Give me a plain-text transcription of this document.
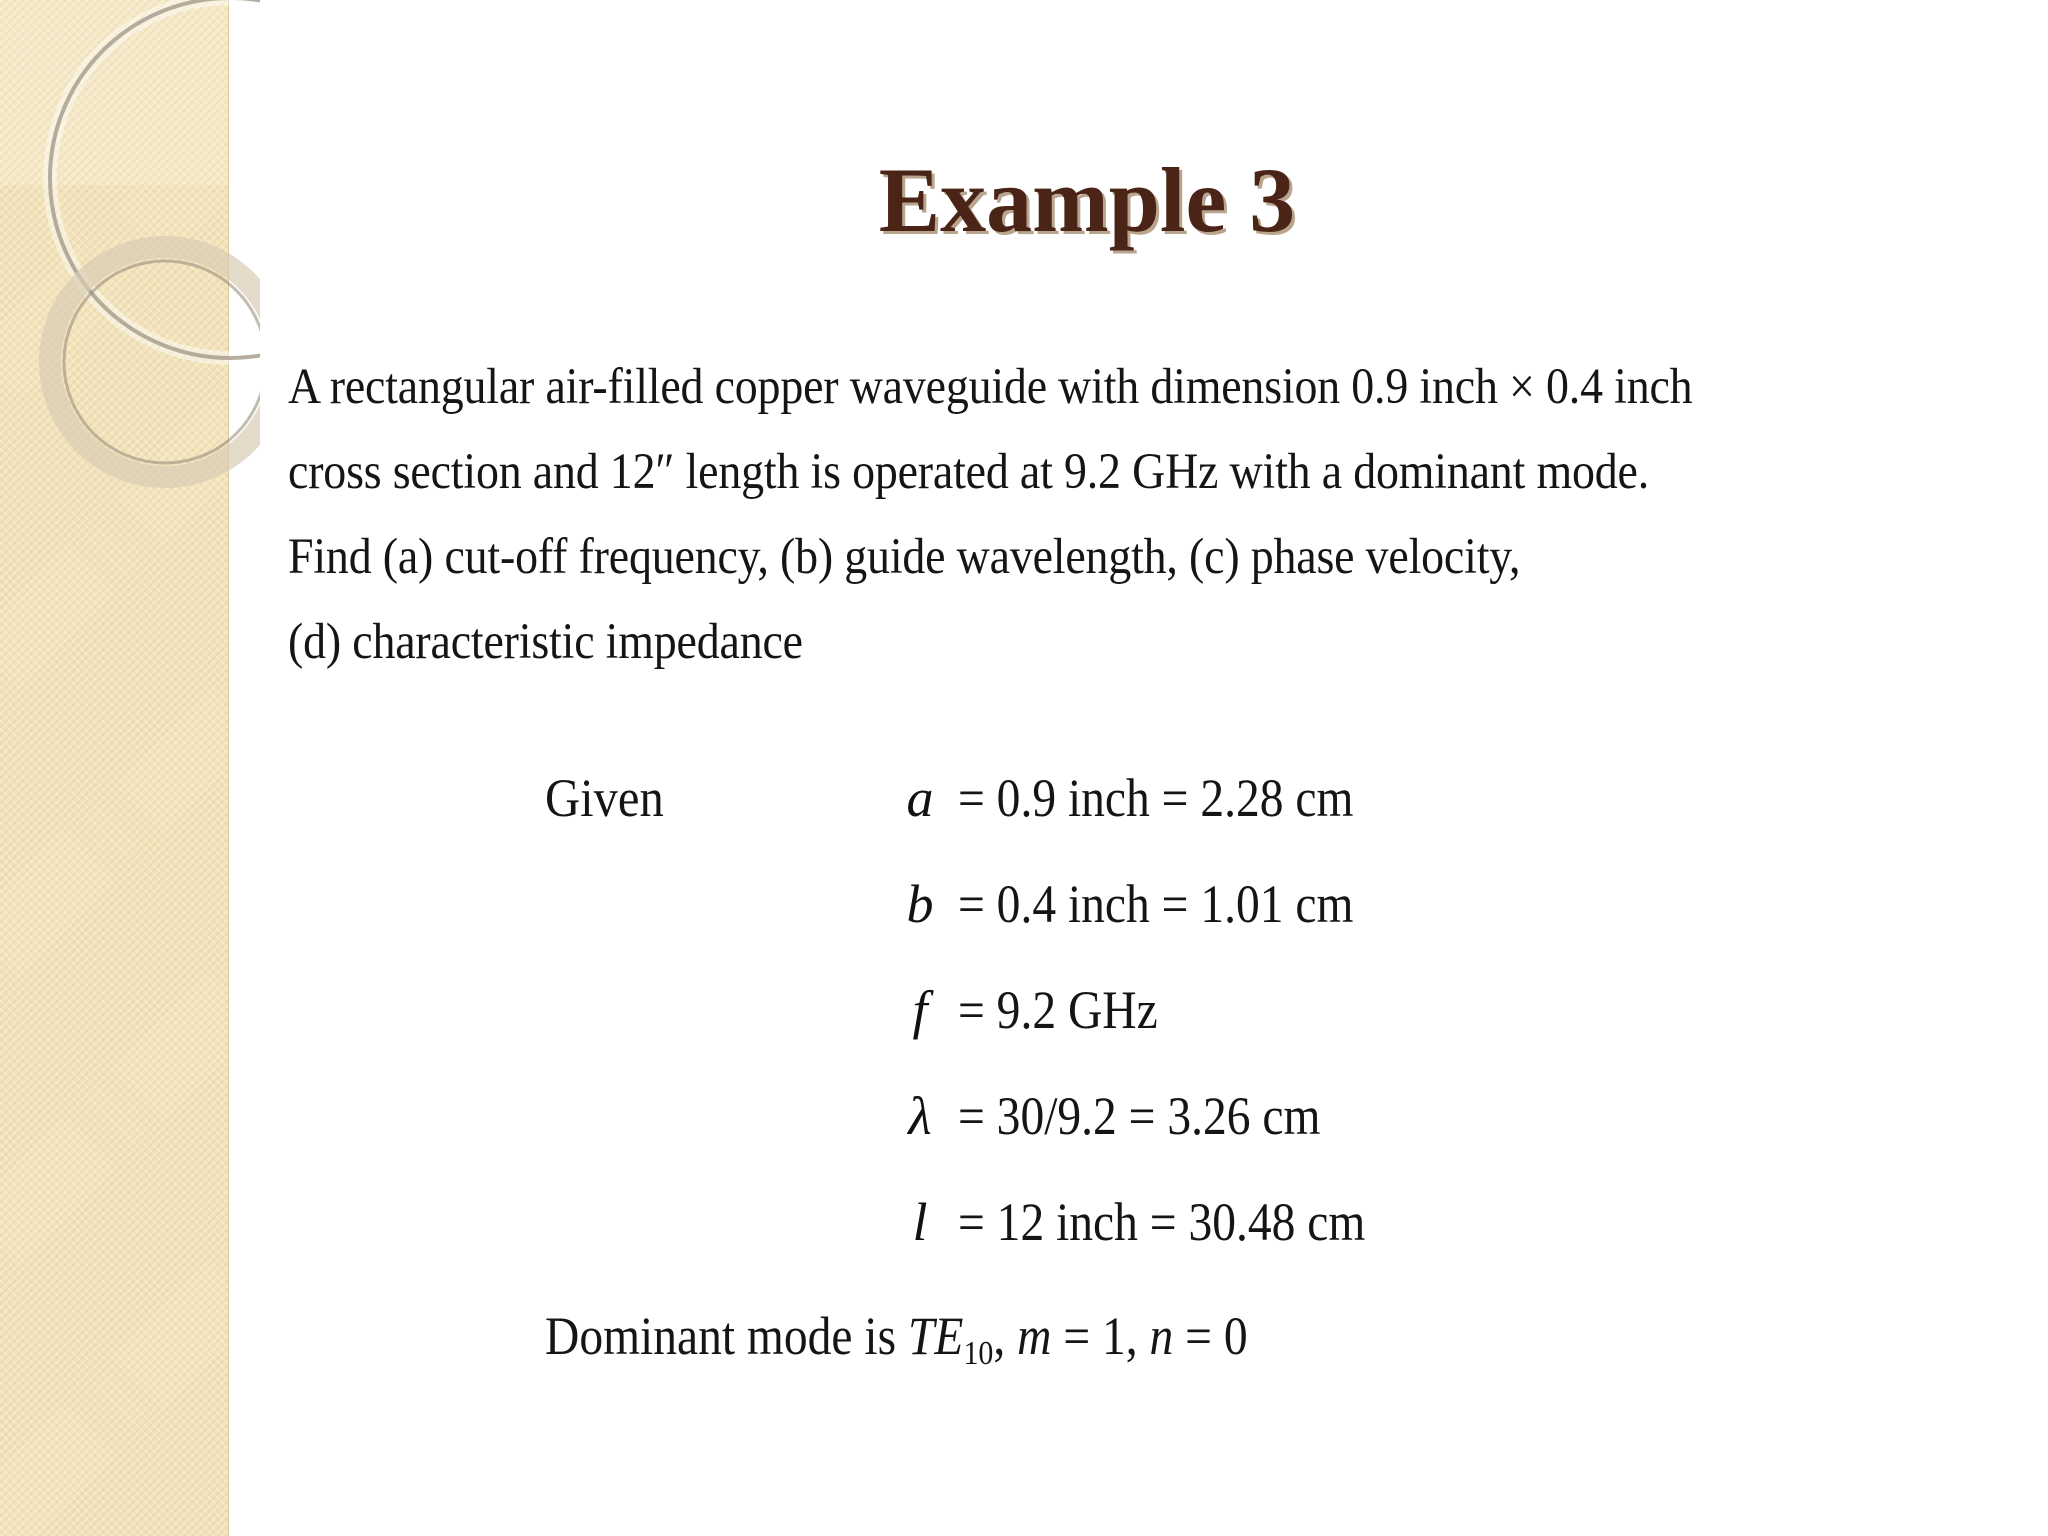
Example 3
A rectangular air-filled copper waveguide with dimension 0.9 inch × 0.4 inch
cross section and 12″ length is operated at 9.2 GHz with a dominant mode.
Find (a) cut-off frequency, (b) guide wavelength, (c) phase velocity,
(d) characteristic impedance
Given	a = 0.9 inch = 2.28 cm
b = 0.4 inch = 1.01 cm
f = 9.2 GHz
λ = 30/9.2 = 3.26 cm
l = 12 inch = 30.48 cm
Dominant mode is $TE_{10}$, m = 1, n = 0
